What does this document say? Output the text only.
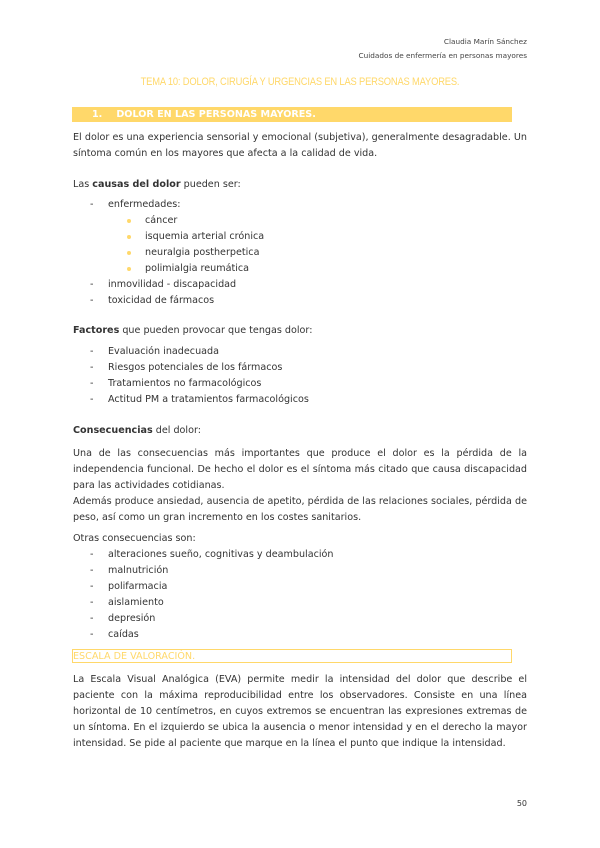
Claudia Marín Sánchez
Cuidados de enfermería en personas mayores
TEMA 10: DOLOR, CIRUGÍA Y URGENCIAS EN LAS PERSONAS MAYORES.
1. DOLOR EN LAS PERSONAS MAYORES.
El dolor es una experiencia sensorial y emocional (subjetiva), generalmente desagradable. Un síntoma común en los mayores que afecta a la calidad de vida.
Las causas del dolor pueden ser:
- enfermedades:
cáncer
isquemia arterial crónica
neuralgia postherpetica
polimialgia reumática
- inmovilidad - discapacidad
- toxicidad de fármacos
Factores que pueden provocar que tengas dolor:
- Evaluación inadecuada
- Riesgos potenciales de los fármacos
- Tratamientos no farmacológicos
- Actitud PM a tratamientos farmacológicos
Consecuencias del dolor:
Una de las consecuencias más importantes que produce el dolor es la pérdida de la independencia funcional. De hecho el dolor es el síntoma más citado que causa discapacidad para las actividades cotidianas.
Además produce ansiedad, ausencia de apetito, pérdida de las relaciones sociales, pérdida de peso, así como un gran incremento en los costes sanitarios.
Otras consecuencias son:
- alteraciones sueño, cognitivas y deambulación
- malnutrición
- polifarmacia
- aislamiento
- depresión
- caídas
ESCALA DE VALORACIÓN.
La Escala Visual Analógica (EVA) permite medir la intensidad del dolor que describe el paciente con la máxima reproducibilidad entre los observadores. Consiste en una línea horizontal de 10 centímetros, en cuyos extremos se encuentran las expresiones extremas de un síntoma. En el izquierdo se ubica la ausencia o menor intensidad y en el derecho la mayor intensidad. Se pide al paciente que marque en la línea el punto que indique la intensidad.
50
